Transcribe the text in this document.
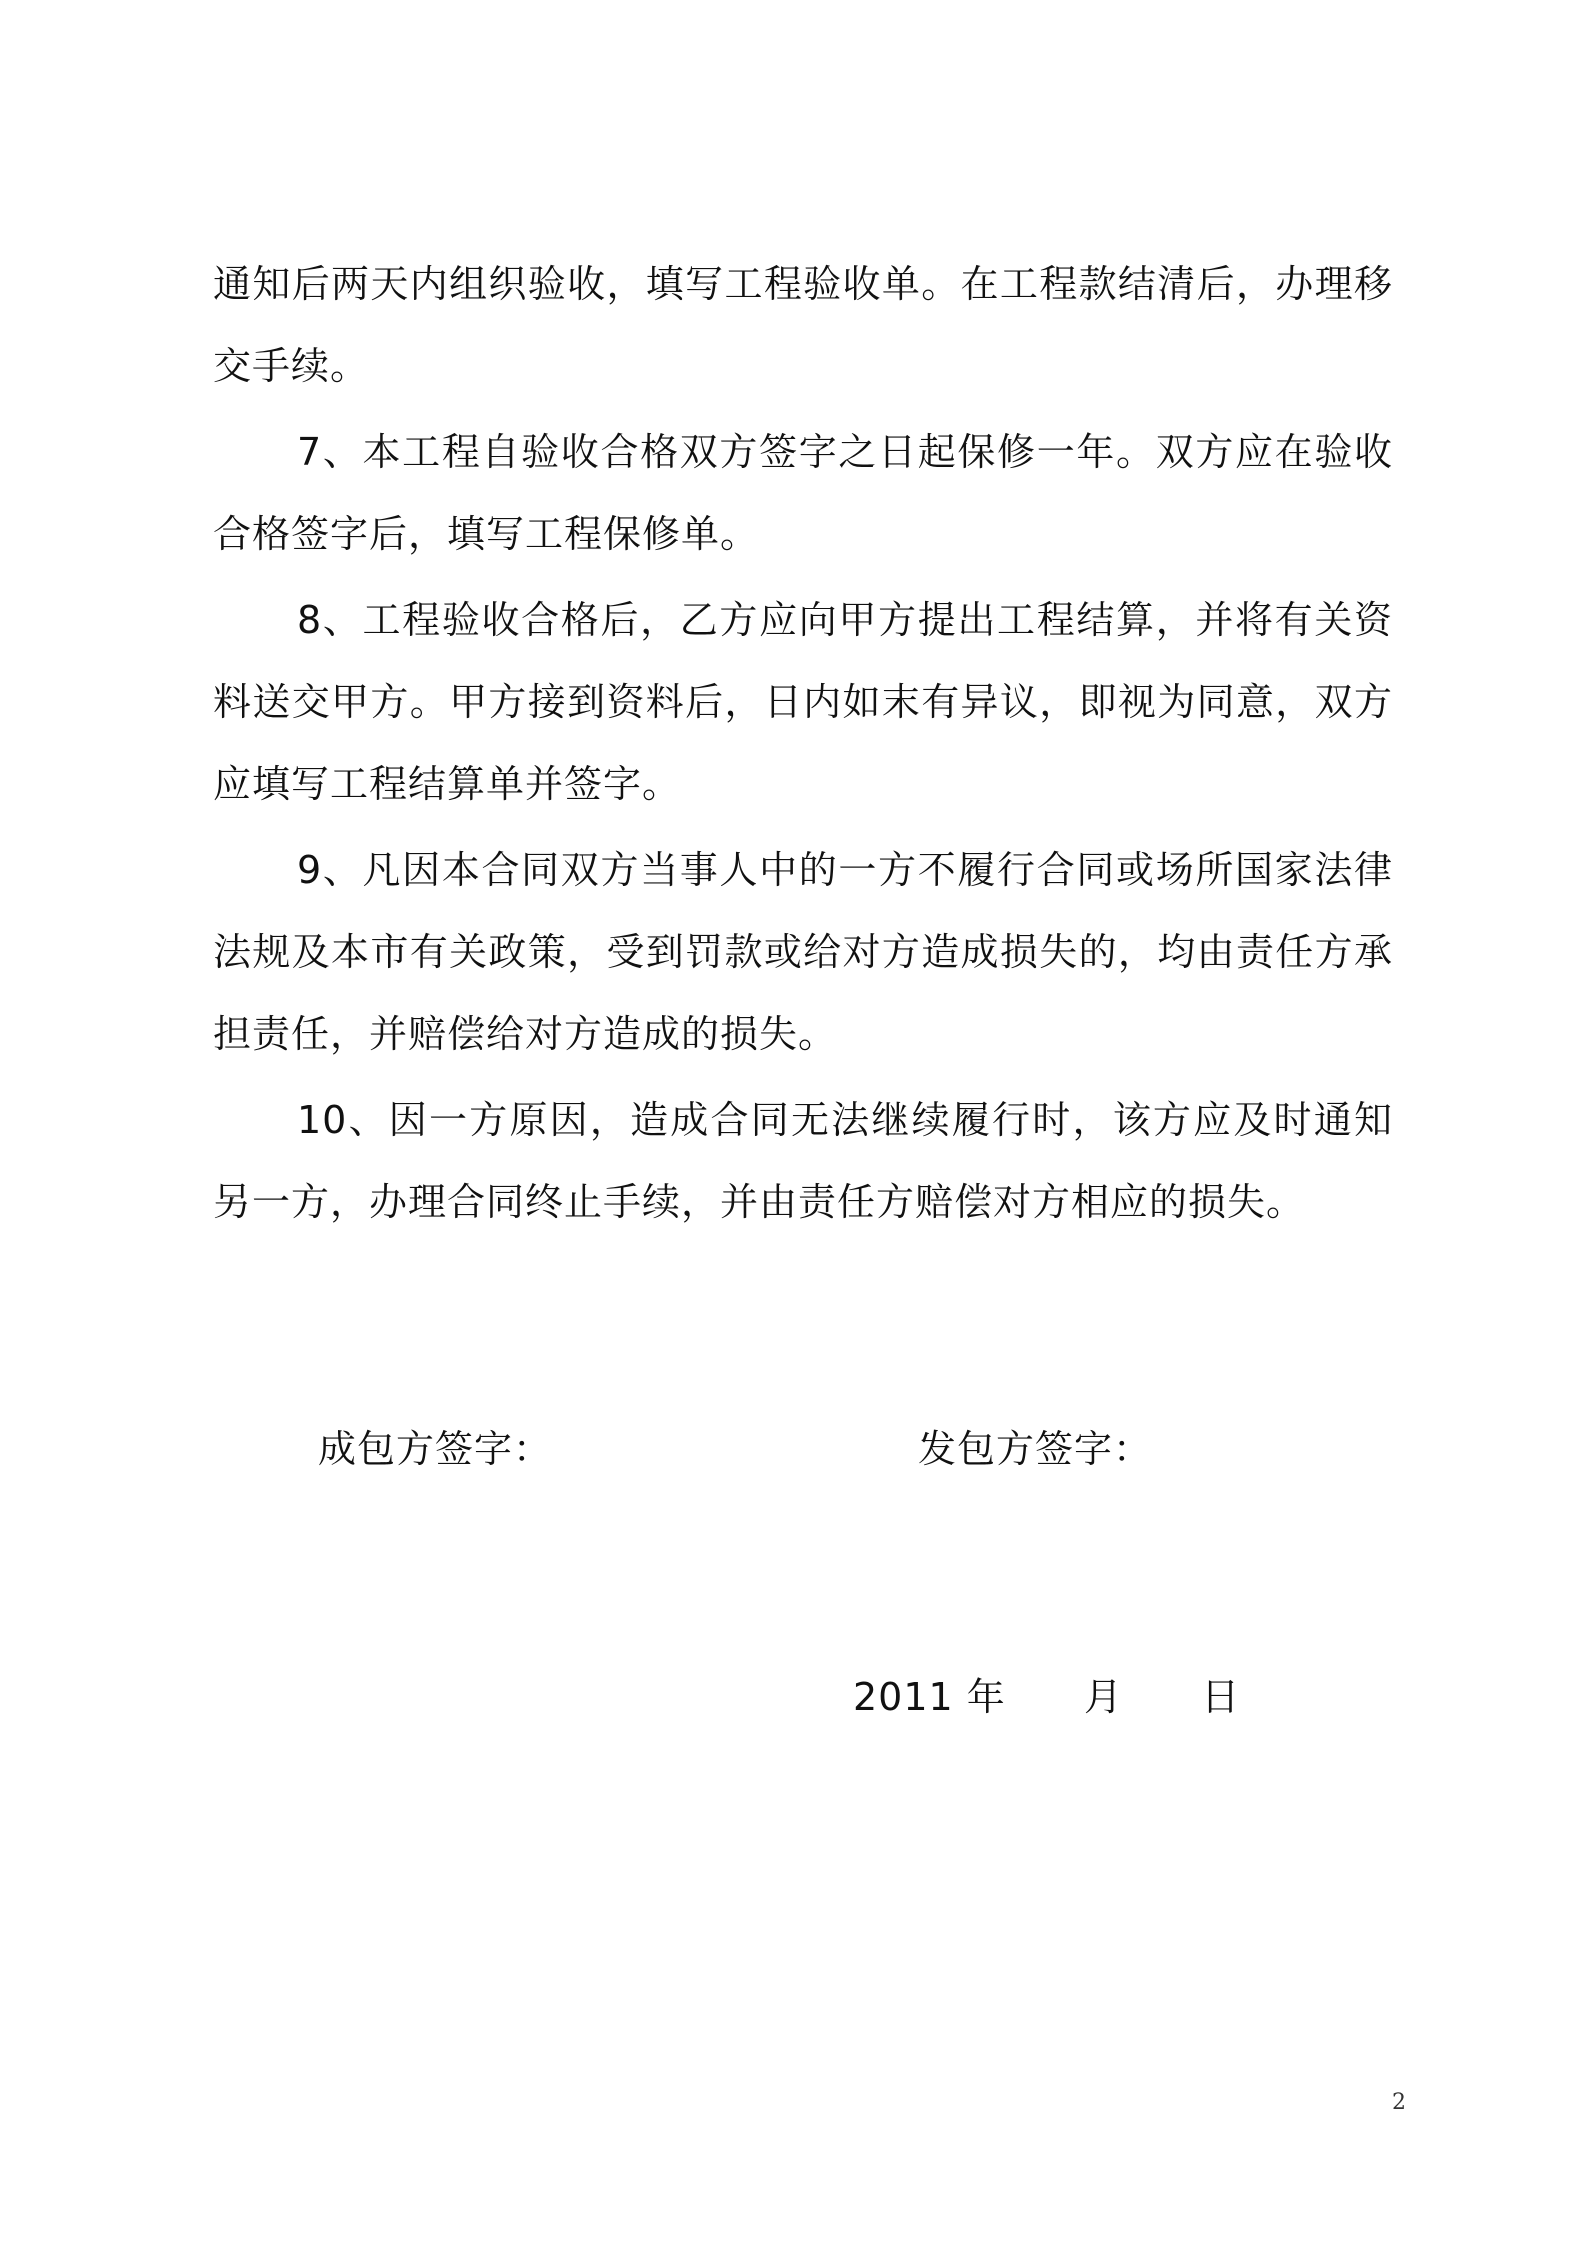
通知后两天内组织验收，填写工程验收单。在工程款结清后，办理移交手续。

7、本工程自验收合格双方签字之日起保修一年。双方应在验收合格签字后，填写工程保修单。

8、工程验收合格后，乙方应向甲方提出工程结算，并将有关资料送交甲方。甲方接到资料后，日内如末有异议，即视为同意，双方应填写工程结算单并签字。

9、凡因本合同双方当事人中的一方不履行合同或场所国家法律法规及本市有关政策，受到罚款或给对方造成损失的，均由责任方承担责任，并赔偿给对方造成的损失。

10、因一方原因，造成合同无法继续履行时，该方应及时通知另一方，办理合同终止手续，并由责任方赔偿对方相应的损失。

成包方签字：	发包方签字：
2011 年 月 日
2
